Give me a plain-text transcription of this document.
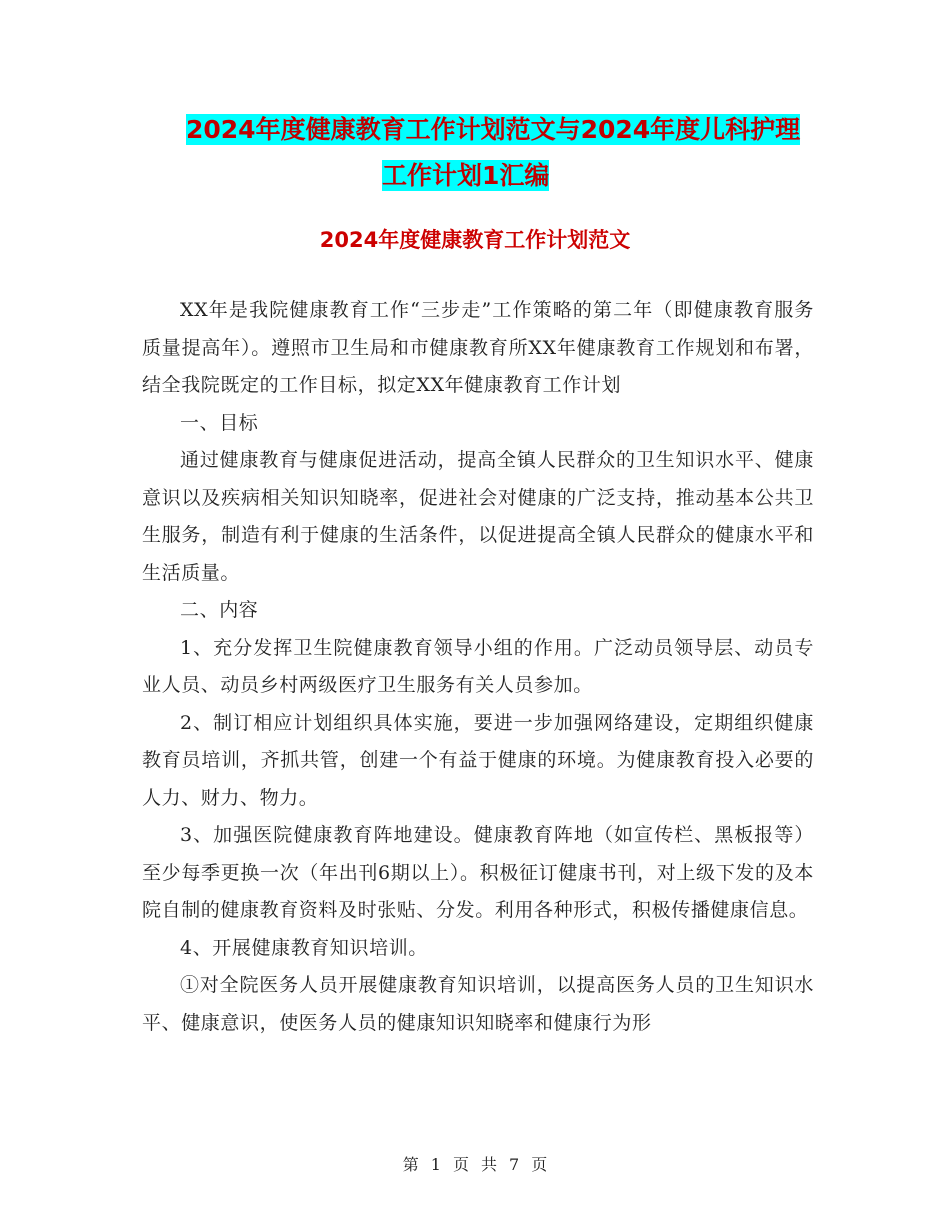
2024年度健康教育工作计划范文与2024年度儿科护理
工作计划1汇编
2024年度健康教育工作计划范文

XX年是我院健康教育工作“三步走”工作策略的第二年（即健康教育服务质量提高年）。遵照市卫生局和市健康教育所XX年健康教育工作规划和布署，结全我院既定的工作目标，拟定XX年健康教育工作计划

一、目标

通过健康教育与健康促进活动，提高全镇人民群众的卫生知识水平、健康意识以及疾病相关知识知晓率，促进社会对健康的广泛支持，推动基本公共卫生服务，制造有利于健康的生活条件，以促进提高全镇人民群众的健康水平和生活质量。

二、内容

1、充分发挥卫生院健康教育领导小组的作用。广泛动员领导层、动员专业人员、动员乡村两级医疗卫生服务有关人员参加。

2、制订相应计划组织具体实施，要进一步加强网络建设，定期组织健康教育员培训，齐抓共管，创建一个有益于健康的环境。为健康教育投入必要的人力、财力、物力。

3、加强医院健康教育阵地建设。健康教育阵地（如宣传栏、黑板报等）至少每季更换一次（年出刊6期以上）。积极征订健康书刊，对上级下发的及本院自制的健康教育资料及时张贴、分发。利用各种形式，积极传播健康信息。

4、开展健康教育知识培训。

①对全院医务人员开展健康教育知识培训，以提高医务人员的卫生知识水平、健康意识，使医务人员的健康知识知晓率和健康行为形

第 1 页 共 7 页
